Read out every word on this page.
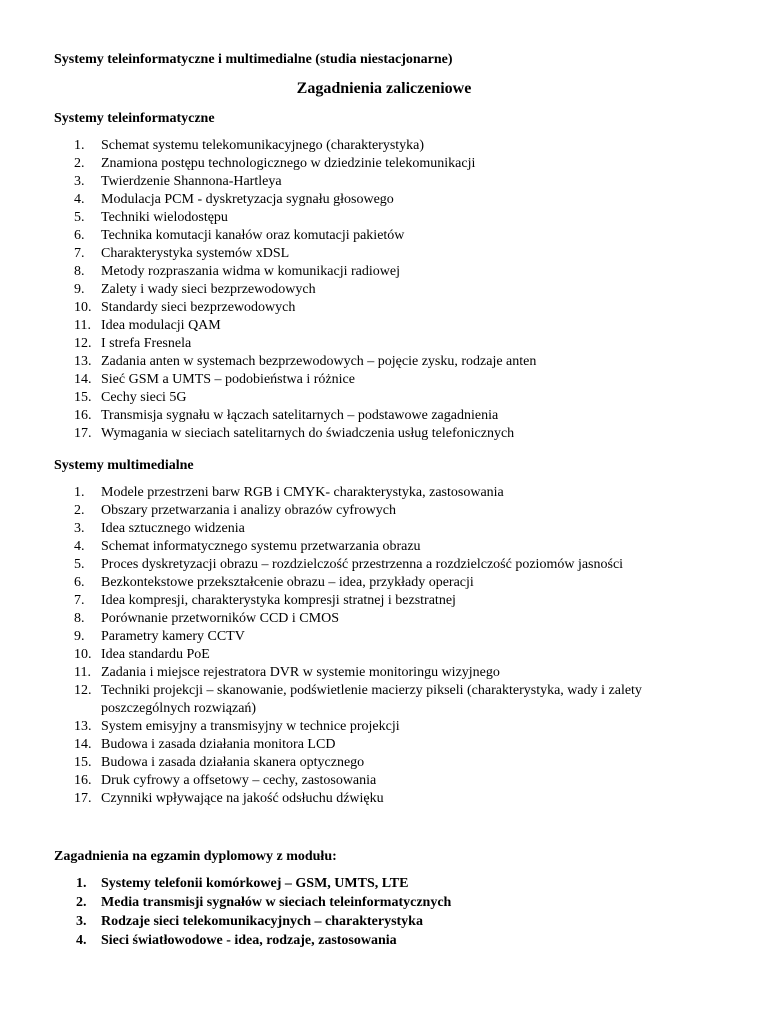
Systemy teleinformatyczne i multimedialne (studia niestacjonarne)
Zagadnienia zaliczeniowe
Systemy teleinformatyczne
1.	Schemat systemu telekomunikacyjnego (charakterystyka)
2.	Znamiona postępu technologicznego w dziedzinie telekomunikacji
3.	Twierdzenie Shannona-Hartleya
4.	Modulacja PCM - dyskretyzacja sygnału głosowego
5.	Techniki wielodostępu
6.	Technika komutacji kanałów oraz komutacji pakietów
7.	Charakterystyka systemów xDSL
8.	Metody rozpraszania widma w komunikacji radiowej
9.	Zalety i wady sieci bezprzewodowych
10. Standardy sieci bezprzewodowych
11. Idea modulacji QAM
12. I strefa Fresnela
13. Zadania anten w systemach bezprzewodowych – pojęcie zysku, rodzaje anten
14. Sieć GSM a UMTS – podobieństwa i różnice
15. Cechy sieci 5G
16. Transmisja sygnału w łączach satelitarnych – podstawowe zagadnienia
17. Wymagania w sieciach satelitarnych do świadczenia usług telefonicznych
Systemy multimedialne
1.	Modele przestrzeni barw RGB i CMYK- charakterystyka, zastosowania
2.	Obszary przetwarzania i analizy obrazów cyfrowych
3.	Idea sztucznego widzenia
4.	Schemat informatycznego systemu przetwarzania obrazu
5.	Proces dyskretyzacji obrazu – rozdzielczość przestrzenna a rozdzielczość poziomów jasności
6.	Bezkontekstowe przekształcenie obrazu – idea, przykłady operacji
7.	Idea kompresji, charakterystyka kompresji stratnej i bezstratnej
8.	Porównanie przetworników CCD i CMOS
9.	Parametry kamery CCTV
10. Idea standardu PoE
11. Zadania i miejsce rejestratora DVR w systemie monitoringu wizyjnego
12. Techniki projekcji – skanowanie, podświetlenie macierzy pikseli (charakterystyka, wady i zalety poszczególnych rozwiązań)
13. System emisyjny a transmisyjny w technice projekcji
14. Budowa i zasada działania monitora LCD
15. Budowa i zasada działania skanera optycznego
16. Druk cyfrowy a offsetowy – cechy, zastosowania
17. Czynniki wpływające na jakość odsłuchu dźwięku
Zagadnienia na egzamin dyplomowy z modułu:
1.	Systemy telefonii komórkowej – GSM, UMTS, LTE
2.	Media transmisji sygnałów w sieciach teleinformatycznych
3.	Rodzaje sieci telekomunikacyjnych – charakterystyka
4.	Sieci światłowodowe - idea, rodzaje, zastosowania
